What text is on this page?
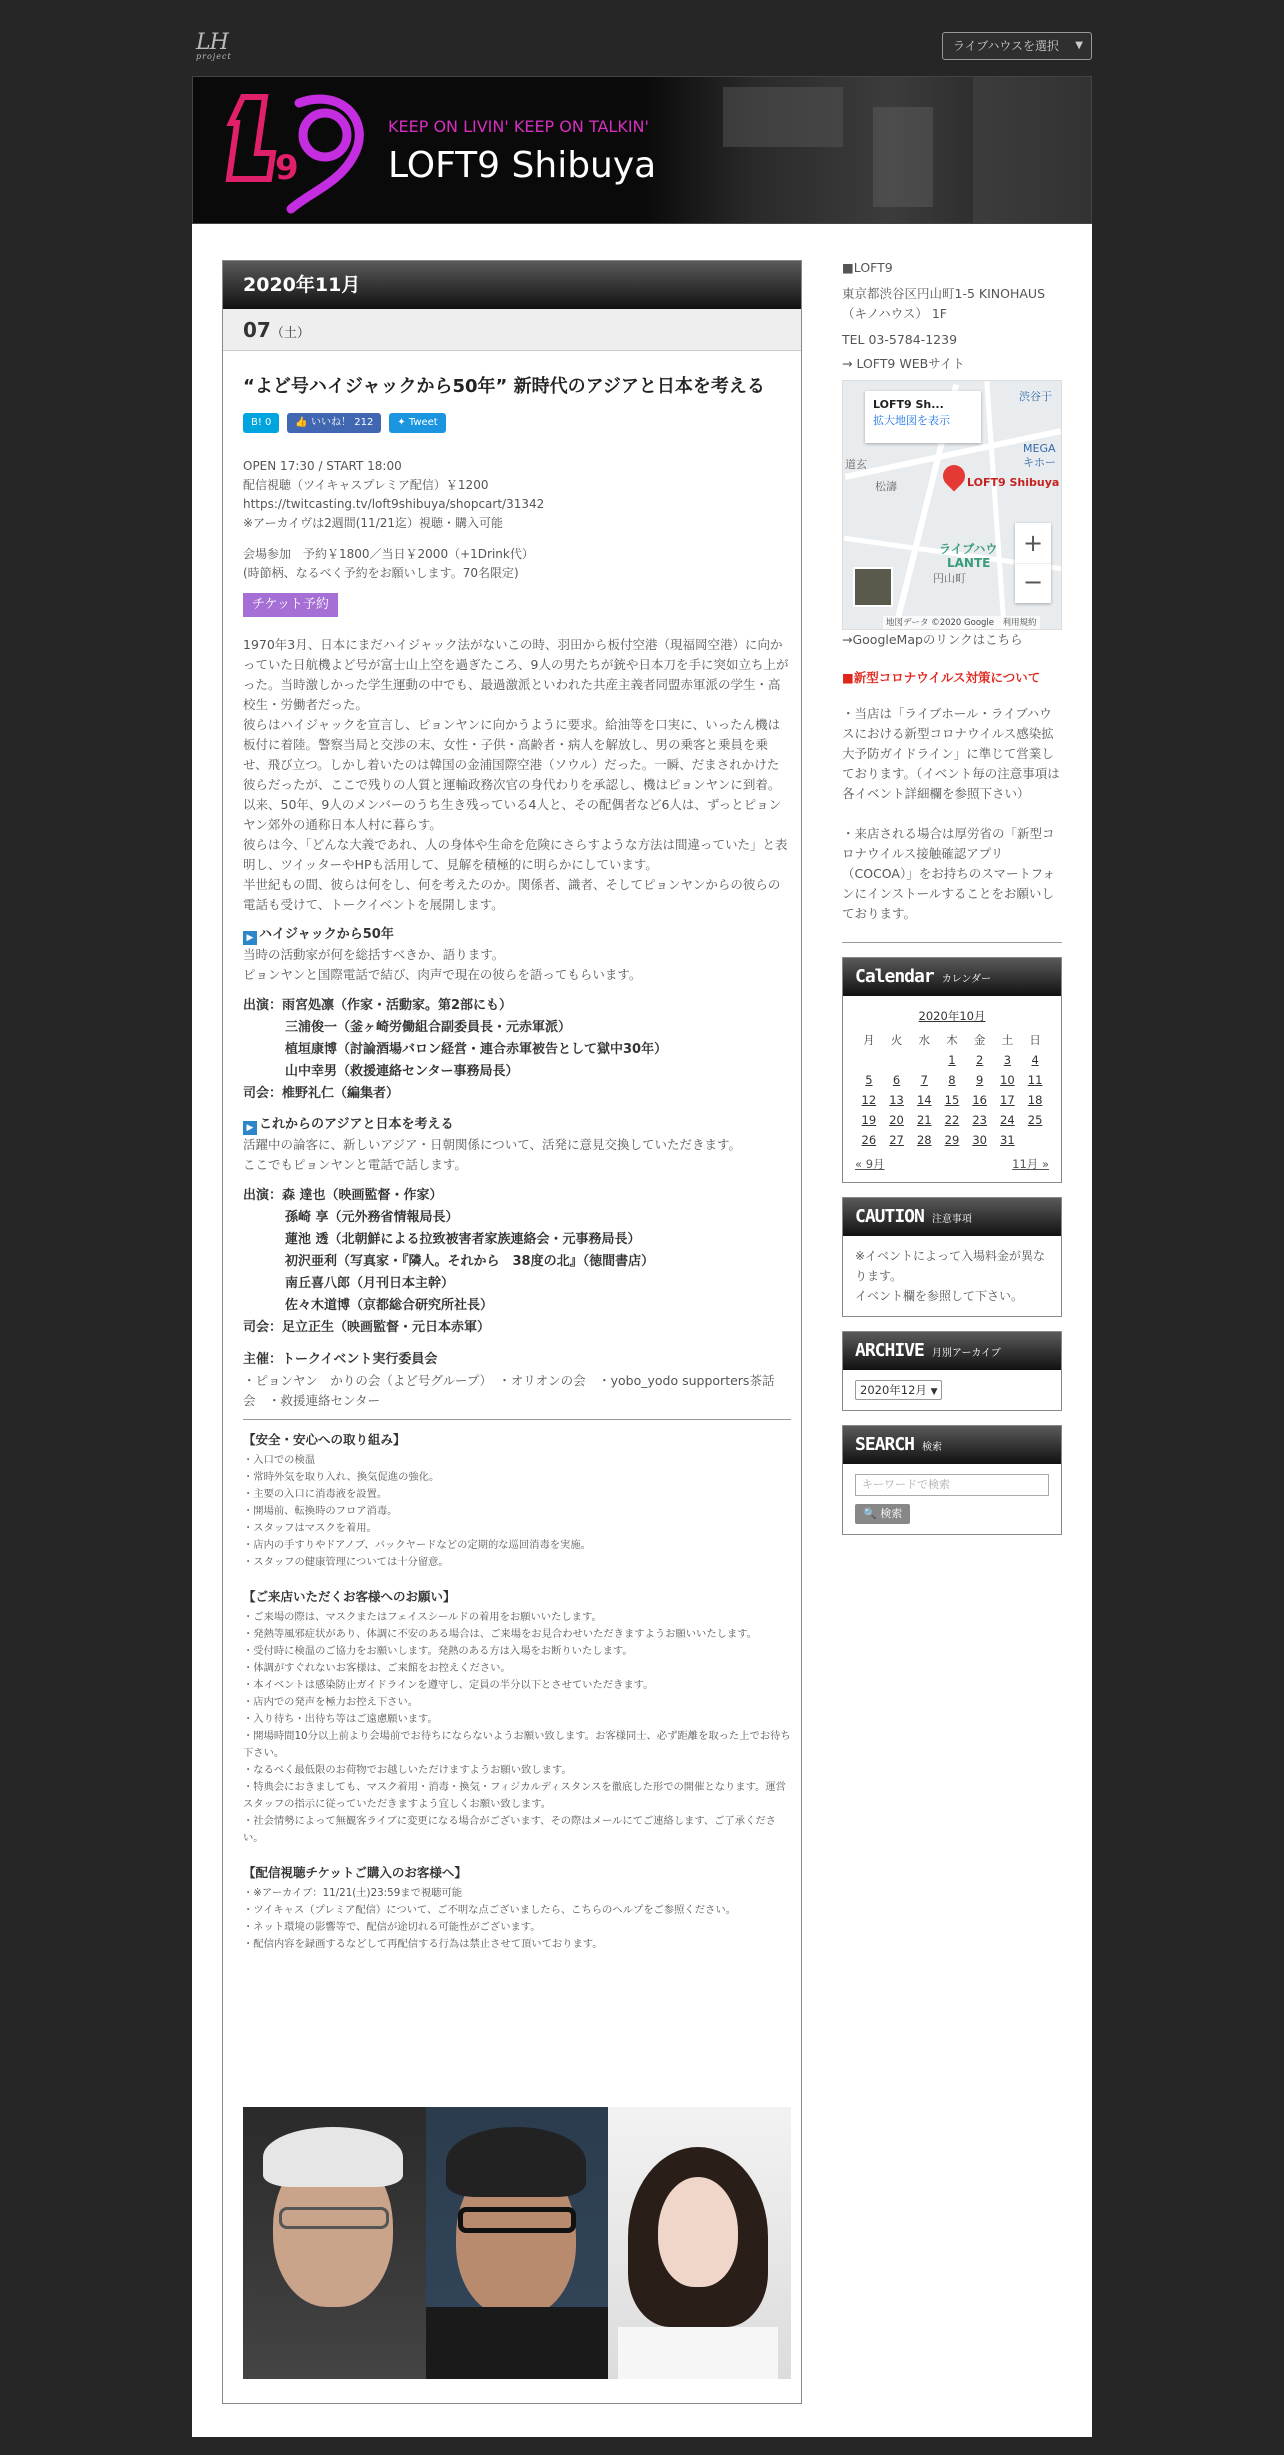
LH
project
ライブハウスを選択 ▼
9
KEEP ON LIVIN' KEEP ON TALKIN'
LOFT9 Shibuya
2020年11月
07（土）
“よど号ハイジャックから50年” 新時代のアジアと日本を考える
B! 0 👍 いいね！ 212 ✦ Tweet

OPEN 17:30 / START 18:00

配信視聴（ツイキャスプレミア配信）￥1200

https://twitcasting.tv/loft9shibuya/shopcart/31342

※アーカイヴは2週間(11/21迄）視聴・購入可能

会場参加　予約￥1800／当日￥2000（+1Drink代）

(時節柄、なるべく予約をお願いします。70名限定)

チケット予約

1970年3月、日本にまだハイジャック法がないこの時、羽田から板付空港（現福岡空港）に向かっていた日航機よど号が富士山上空を過ぎたころ、9人の男たちが銃や日本刀を手に突如立ち上がった。当時激しかった学生運動の中でも、最過激派といわれた共産主義者同盟赤軍派の学生・高校生・労働者だった。

彼らはハイジャックを宣言し、ピョンヤンに向かうように要求。給油等を口実に、いったん機は板付に着陸。警察当局と交渉の末、女性・子供・高齢者・病人を解放し、男の乗客と乗員を乗せ、飛び立つ。しかし着いたのは韓国の金浦国際空港（ソウル）だった。一瞬、だまされかけた彼らだったが、ここで残りの人質と運輸政務次官の身代わりを承認し、機はピョンヤンに到着。

以来、50年、9人のメンバーのうち生き残っている4人と、その配偶者など6人は、ずっとピョンヤン郊外の通称日本人村に暮らす。

彼らは今、「どんな大義であれ、人の身体や生命を危険にさらすような方法は間違っていた」と表明し、ツイッターやHPも活用して、見解を積極的に明らかにしています。

半世紀もの間、彼らは何をし、何を考えたのか。関係者、識者、そしてピョンヤンからの彼らの電話も受けて、トークイベントを展開します。

▶ ハイジャックから50年

当時の活動家が何を総括すべきか、語ります。

ピョンヤンと国際電話で結び、肉声で現在の彼らを語ってもらいます。

出演：雨宮処凛（作家・活動家。第2部にも）
三浦俊一（釜ヶ崎労働組合副委員長・元赤軍派）
植垣康博（討論酒場バロン経営・連合赤軍被告として獄中30年）
山中幸男（救援連絡センター事務局長）
司会：椎野礼仁（編集者）
▶ これからのアジアと日本を考える

活躍中の論客に、新しいアジア・日朝関係について、活発に意見交換していただきます。

ここでもピョンヤンと電話で話します。

出演：森 達也（映画監督・作家）
孫崎 享（元外務省情報局長）
蓮池 透（北朝鮮による拉致被害者家族連絡会・元事務局長）
初沢亜利（写真家・『隣人。それから　38度の北』（徳間書店）
南丘喜八郎（月刊日本主幹）
佐々木道博（京都総合研究所社長）
司会：足立正生（映画監督・元日本赤軍）
主催：トークイベント実行委員会

・ピョンヤン　かりの会（よど号グループ）　・オリオンの会　・yobo_yodo supporters茶話会　・救援連絡センター

【安全・安心への取り組み】

・入口での検温

・常時外気を取り入れ、換気促進の強化。

・主要の入口に消毒液を設置。

・開場前、転換時のフロア消毒。

・スタッフはマスクを着用。

・店内の手すりやドアノブ、バックヤードなどの定期的な巡回消毒を実施。

・スタッフの健康管理については十分留意。

【ご来店いただくお客様へのお願い】

・ご来場の際は、マスクまたはフェイスシールドの着用をお願いいたします。

・発熱等風邪症状があり、体調に不安のある場合は、ご来場をお見合わせいただきますようお願いいたします。

・受付時に検温のご協力をお願いします。発熱のある方は入場をお断りいたします。

・体調がすぐれないお客様は、ご来館をお控えください。

・本イベントは感染防止ガイドラインを遵守し、定員の半分以下とさせていただきます。

・店内での発声を極力お控え下さい。

・入り待ち・出待ち等はご遠慮願います。

・開場時間10分以上前より会場前でお待ちにならないようお願い致します。お客様同士、必ず距離を取った上でお待ち下さい。

・なるべく最低限のお荷物でお越しいただけますようお願い致します。

・特典会におきましても、マスク着用・消毒・換気・フィジカルディスタンスを徹底した形での開催となります。運営スタッフの指示に従っていただきますよう宜しくお願い致します。

・社会情勢によって無観客ライブに変更になる場合がございます、その際はメールにてご連絡します、ご了承ください。

【配信視聴チケットご購入のお客様へ】

・※アーカイブ：11/21(土)23:59まで視聴可能

・ツイキャス（プレミア配信）について、ご不明な点ございましたら、こちらのヘルプをご参照ください。

・ネット環境の影響等で、配信が途切れる可能性がございます。

・配信内容を録画するなどして再配信する行為は禁止させて頂いております。

■LOFT9

東京都渋谷区円山町1-5 KINOHAUS（キノハウス） 1F

TEL 03-5784-1239

→ LOFT9 WEBサイト

LOFT9 Sh...
拡大地図を表示
渋谷于
MEGA
キホー
松濤
円山町
ライブハウ
LANTE
道玄
LOFT9 Shibuya
+
−
地図データ ©2020 Google　利用規約

→GoogleMapのリンクはこちら

■新型コロナウイルス対策について

・当店は「ライブホール・ライブハウスにおける新型コロナウイルス感染拡大予防ガイドライン」に準じて営業しております。（イベント毎の注意事項は各イベント詳細欄を参照下さい）

・来店される場合は厚労省の「新型コロナウイルス接触確認アプリ（COCOA）」をお持ちのスマートフォンにインストールすることをお願いしております。

Calendar カレンダー
2020年10月
月	火	水	木	金	土	日
			1	2	3	4
5	6	7	8	9	10	11
12	13	14	15	16	17	18
19	20	21	22	23	24	25
26	27	28	29	30	31	
« 9月	11月 »
CAUTION 注意事項

※イベントによって入場料金が異なります。

イベント欄を参照して下さい。

ARCHIVE 月別アーカイブ
2020年12月 ▼
SEARCH 検索
キーワードで検索
🔍 検索
